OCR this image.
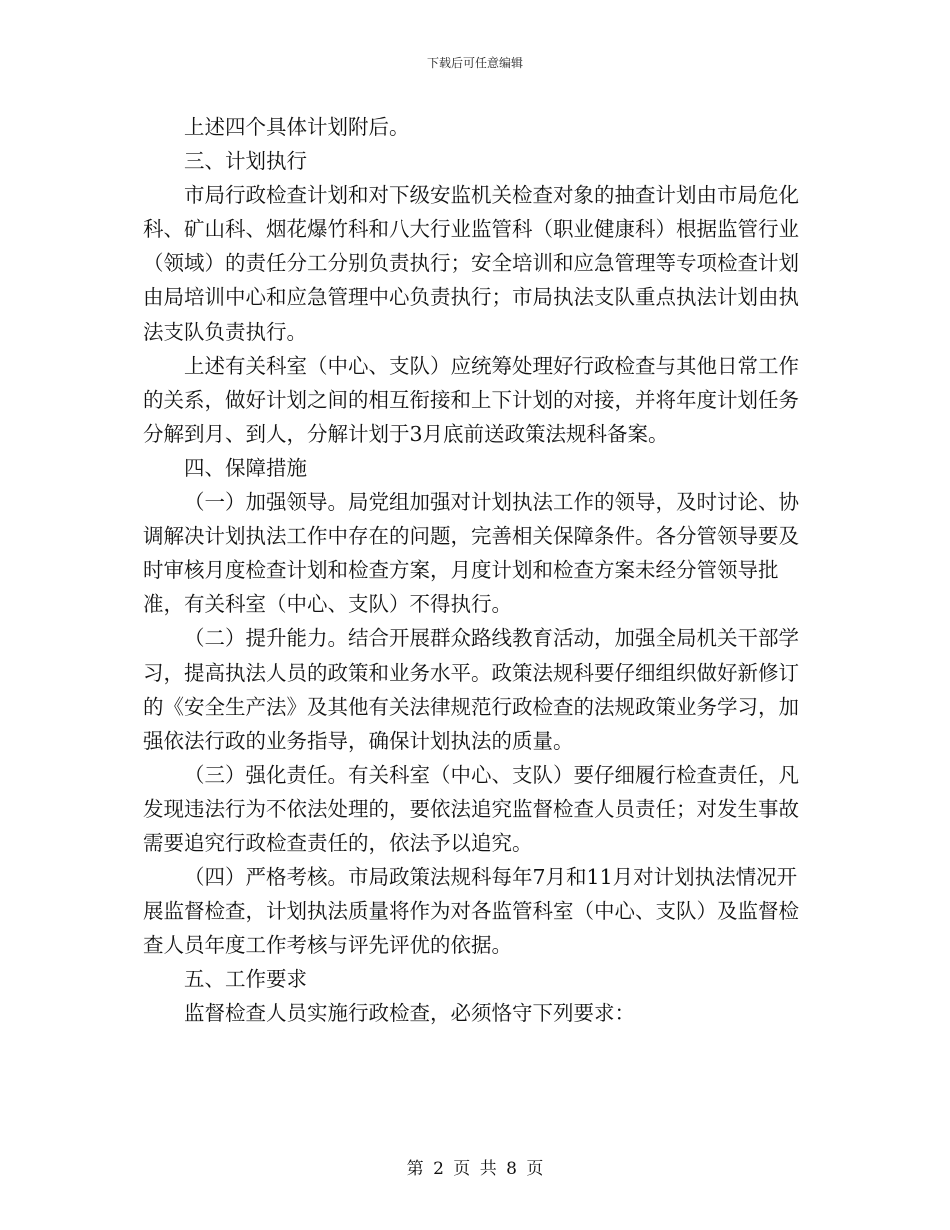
下载后可任意编辑

上述四个具体计划附后。

三、计划执行

市局行政检查计划和对下级安监机关检查对象的抽查计划由市局危化科、矿山科、烟花爆竹科和八大行业监管科（职业健康科）根据监管行业（领域）的责任分工分别负责执行；安全培训和应急管理等专项检查计划由局培训中心和应急管理中心负责执行；市局执法支队重点执法计划由执法支队负责执行。

上述有关科室（中心、支队）应统筹处理好行政检查与其他日常工作的关系，做好计划之间的相互衔接和上下计划的对接，并将年度计划任务分解到月、到人，分解计划于3月底前送政策法规科备案。

四、保障措施

（一）加强领导。局党组加强对计划执法工作的领导，及时讨论、协调解决计划执法工作中存在的问题，完善相关保障条件。各分管领导要及时审核月度检查计划和检查方案，月度计划和检查方案未经分管领导批准，有关科室（中心、支队）不得执行。

（二）提升能力。结合开展群众路线教育活动，加强全局机关干部学习，提高执法人员的政策和业务水平。政策法规科要仔细组织做好新修订的《安全生产法》及其他有关法律规范行政检查的法规政策业务学习，加强依法行政的业务指导，确保计划执法的质量。

（三）强化责任。有关科室（中心、支队）要仔细履行检查责任，凡发现违法行为不依法处理的，要依法追究监督检查人员责任；对发生事故需要追究行政检查责任的，依法予以追究。

（四）严格考核。市局政策法规科每年7月和11月对计划执法情况开展监督检查，计划执法质量将作为对各监管科室（中心、支队）及监督检查人员年度工作考核与评先评优的依据。

五、工作要求

监督检查人员实施行政检查，必须恪守下列要求：

第 2 页 共 8 页
